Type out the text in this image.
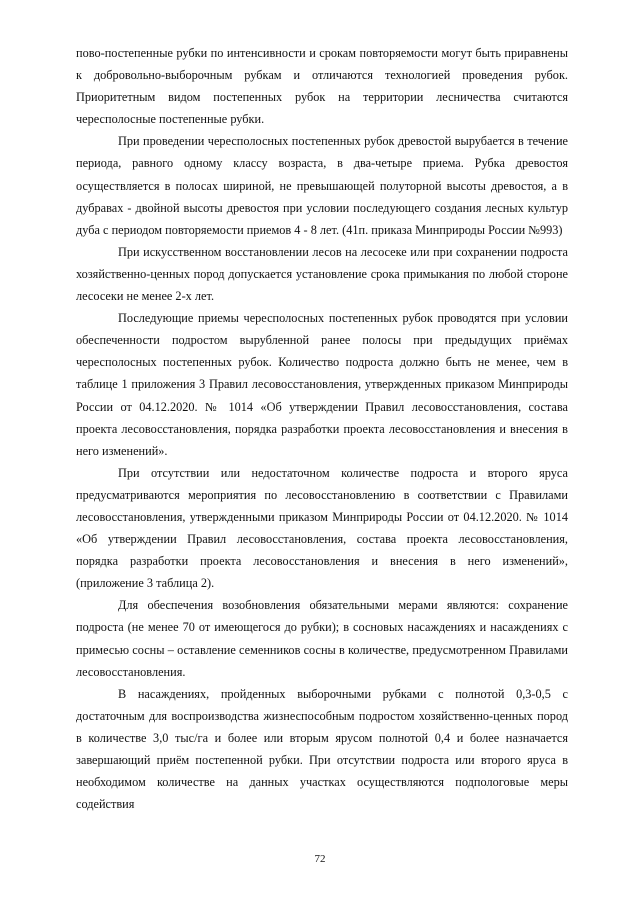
пово-постепенные рубки по интенсивности и срокам повторяемости могут быть приравнены к добровольно-выборочным рубкам и отличаются технологией проведения рубок. Приоритетным видом постепенных рубок на территории лесничества считаются чересполосные постепенные рубки.

При проведении чересполосных постепенных рубок древостой вырубается в течение периода, равного одному классу возраста, в два-четыре приема. Рубка древостоя осуществляется в полосах шириной, не превышающей полуторной высоты древостоя, а в дубравах - двойной высоты древостоя при условии последующего создания лесных культур дуба с периодом повторяемости приемов 4 - 8 лет. (41п. приказа Минприроды России №993)

При искусственном восстановлении лесов на лесосеке или при сохранении подроста хозяйственно-ценных пород допускается установление срока примыкания по любой стороне лесосеки не менее 2-х лет.

Последующие приемы чересполосных постепенных рубок проводятся при условии обеспеченности подростом вырубленной ранее полосы при предыдущих приёмах чересполосных постепенных рубок. Количество подроста должно быть не менее, чем в таблице 1 приложения 3 Правил лесовосстановления, утвержденных приказом Минприроды России от 04.12.2020. № 1014 «Об утверждении Правил лесовосстановления, состава проекта лесовосстановления, порядка разработки проекта лесовосстановления и внесения в него изменений».

При отсутствии или недостаточном количестве подроста и второго яруса предусматриваются мероприятия по лесовосстановлению в соответствии с Правилами лесовосстановления, утвержденными приказом Минприроды России от 04.12.2020. № 1014 «Об утверждении Правил лесовосстановления, состава проекта лесовосстановления, порядка разработки проекта лесовосстановления и внесения в него изменений», (приложение 3 таблица 2).

Для обеспечения возобновления обязательными мерами являются: сохранение подроста (не менее 70 от имеющегося до рубки); в сосновых насаждениях и насаждениях с примесью сосны – оставление семенников сосны в количестве, предусмотренном Правилами лесовосстановления.

В насаждениях, пройденных выборочными рубками с полнотой 0,3-0,5 с достаточным для воспроизводства жизнеспособным подростом хозяйственно-ценных пород в количестве 3,0 тыс/га и более или вторым ярусом полнотой 0,4 и более назначается завершающий приём постепенной рубки. При отсутствии подроста или второго яруса в необходимом количестве на данных участках осуществляются подпологовые меры содействия

72
